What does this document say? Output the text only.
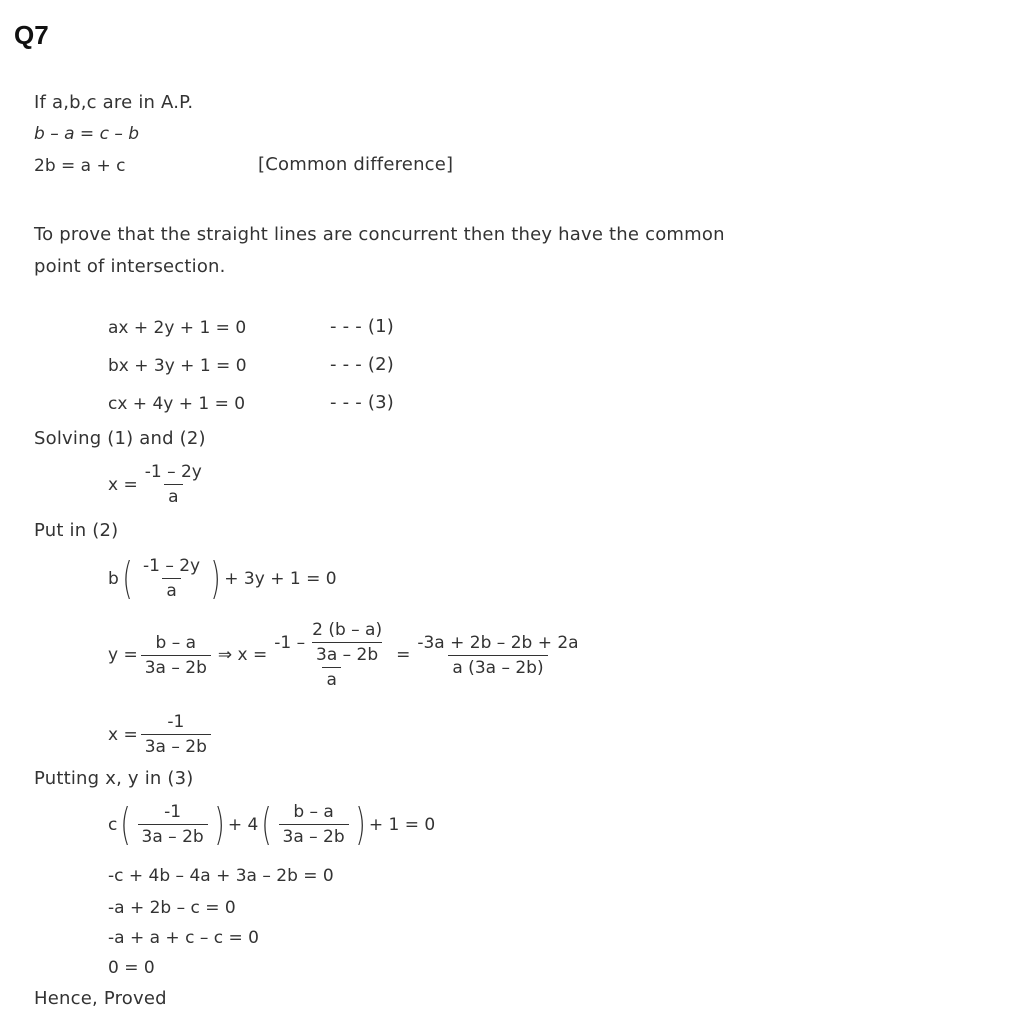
Q7
If a,b,c are in A.P.
b – a = c – b
2b = a + c	[Common difference]
To prove that the straight lines are concurrent then they have the common
point of intersection.
ax + 2y + 1 = 0	- - - (1)
bx + 3y + 1 = 0	- - - (2)
cx + 4y + 1 = 0	- - - (3)
Solving (1) and (2)
$x = \frac{-1 - 2y}{a}$
Put in (2)
b ( $\frac{-1 - 2y}{a}$ ) + 3y + 1 = 0
$y = \frac{b - a}{3a - 2b}$ ⇒ $x = \frac{-1 - \frac{2 (b - a)}{3a - 2b}}{a} = \frac{-3a + 2b - 2b + 2a}{a (3a - 2b)}$
$x = \frac{-1}{3a - 2b}$
Putting x, y in (3)
c ( $\frac{-1}{3a - 2b}$ ) + 4 ( $\frac{b - a}{3a - 2b}$ ) + 1 = 0
-c + 4b – 4a + 3a – 2b = 0
-a + 2b – c = 0
-a + a + c – c = 0
0 = 0
Hence, Proved
